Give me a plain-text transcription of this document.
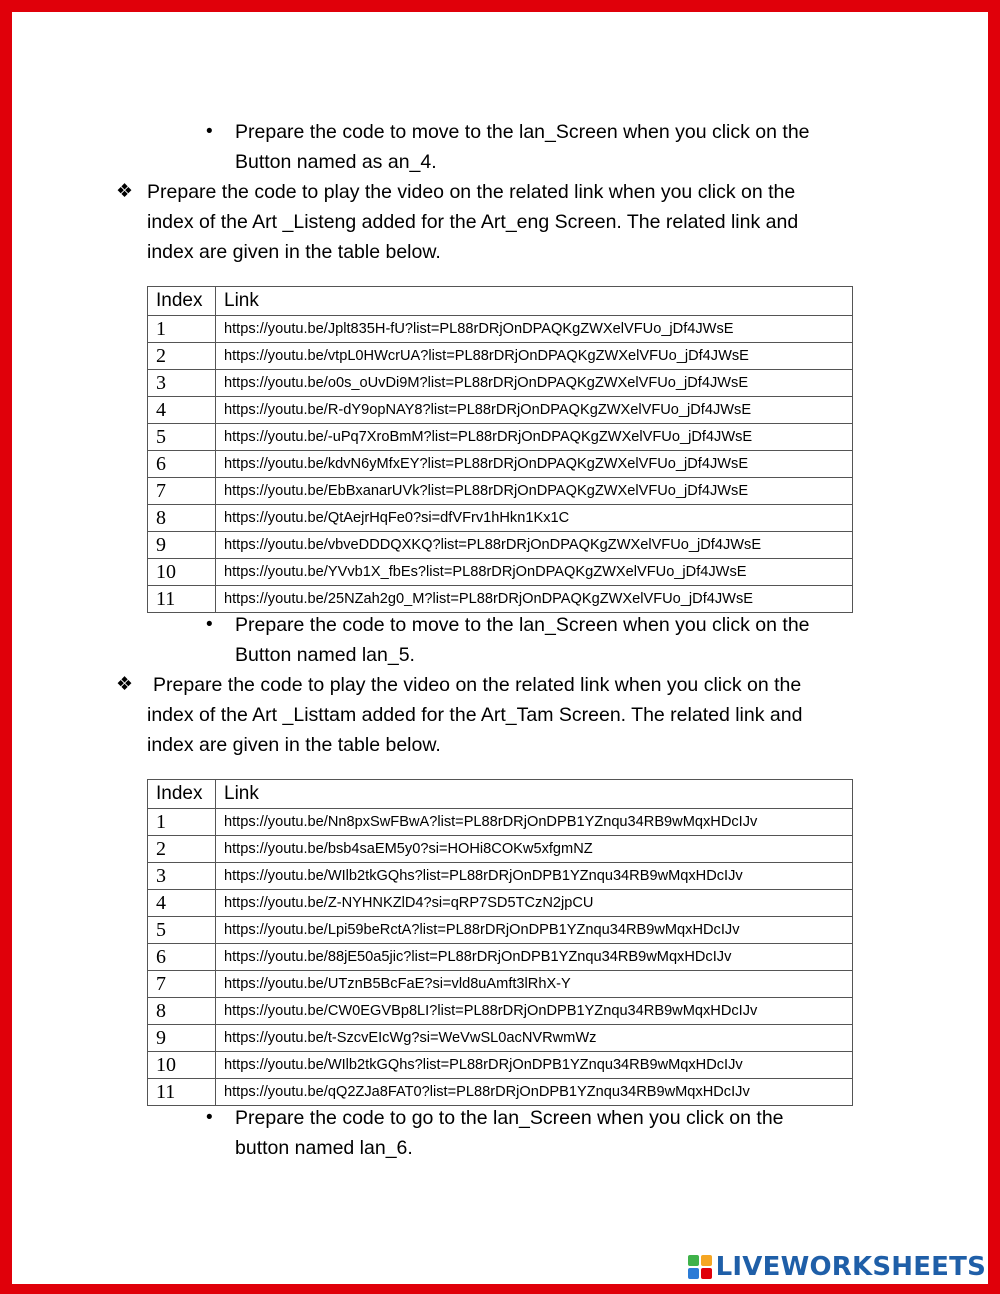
• Prepare the code to move to the lan_Screen when you click on the
Button named as an_4.
❖ Prepare the code to play the video on the related link when you click on the
index of the Art _Listeng added for the Art_eng Screen. The related link and
index are given in the table below.
Index	Link
1	https://youtu.be/Jplt835H-fU?list=PL88rDRjOnDPAQKgZWXelVFUo_jDf4JWsE
2	https://youtu.be/vtpL0HWcrUA?list=PL88rDRjOnDPAQKgZWXelVFUo_jDf4JWsE
3	https://youtu.be/o0s_oUvDi9M?list=PL88rDRjOnDPAQKgZWXelVFUo_jDf4JWsE
4	https://youtu.be/R-dY9opNAY8?list=PL88rDRjOnDPAQKgZWXelVFUo_jDf4JWsE
5	https://youtu.be/-uPq7XroBmM?list=PL88rDRjOnDPAQKgZWXelVFUo_jDf4JWsE
6	https://youtu.be/kdvN6yMfxEY?list=PL88rDRjOnDPAQKgZWXelVFUo_jDf4JWsE
7	https://youtu.be/EbBxanarUVk?list=PL88rDRjOnDPAQKgZWXelVFUo_jDf4JWsE
8	https://youtu.be/QtAejrHqFe0?si=dfVFrv1hHkn1Kx1C
9	https://youtu.be/vbveDDDQXKQ?list=PL88rDRjOnDPAQKgZWXelVFUo_jDf4JWsE
10	https://youtu.be/YVvb1X_fbEs?list=PL88rDRjOnDPAQKgZWXelVFUo_jDf4JWsE
11	https://youtu.be/25NZah2g0_M?list=PL88rDRjOnDPAQKgZWXelVFUo_jDf4JWsE
• Prepare the code to move to the lan_Screen when you click on the
Button named lan_5.
❖	Prepare the code to play the video on the related link when you click on the
index of the Art _Listtam added for the Art_Tam Screen. The related link and
index are given in the table below.
Index	Link
1	https://youtu.be/Nn8pxSwFBwA?list=PL88rDRjOnDPB1YZnqu34RB9wMqxHDcIJv
2	https://youtu.be/bsb4saEM5y0?si=HOHi8COKw5xfgmNZ
3	https://youtu.be/WIlb2tkGQhs?list=PL88rDRjOnDPB1YZnqu34RB9wMqxHDcIJv
4	https://youtu.be/Z-NYHNKZlD4?si=qRP7SD5TCzN2jpCU
5	https://youtu.be/Lpi59beRctA?list=PL88rDRjOnDPB1YZnqu34RB9wMqxHDcIJv
6	https://youtu.be/88jE50a5jic?list=PL88rDRjOnDPB1YZnqu34RB9wMqxHDcIJv
7	https://youtu.be/UTznB5BcFaE?si=vld8uAmft3lRhX-Y
8	https://youtu.be/CW0EGVBp8LI?list=PL88rDRjOnDPB1YZnqu34RB9wMqxHDcIJv
9	https://youtu.be/t-SzcvEIcWg?si=WeVwSL0acNVRwmWz
10	https://youtu.be/WIlb2tkGQhs?list=PL88rDRjOnDPB1YZnqu34RB9wMqxHDcIJv
11	https://youtu.be/qQ2ZJa8FAT0?list=PL88rDRjOnDPB1YZnqu34RB9wMqxHDcIJv
• Prepare the code to go to the lan_Screen when you click on the
button named lan_6.
LIVEWORKSHEETS
